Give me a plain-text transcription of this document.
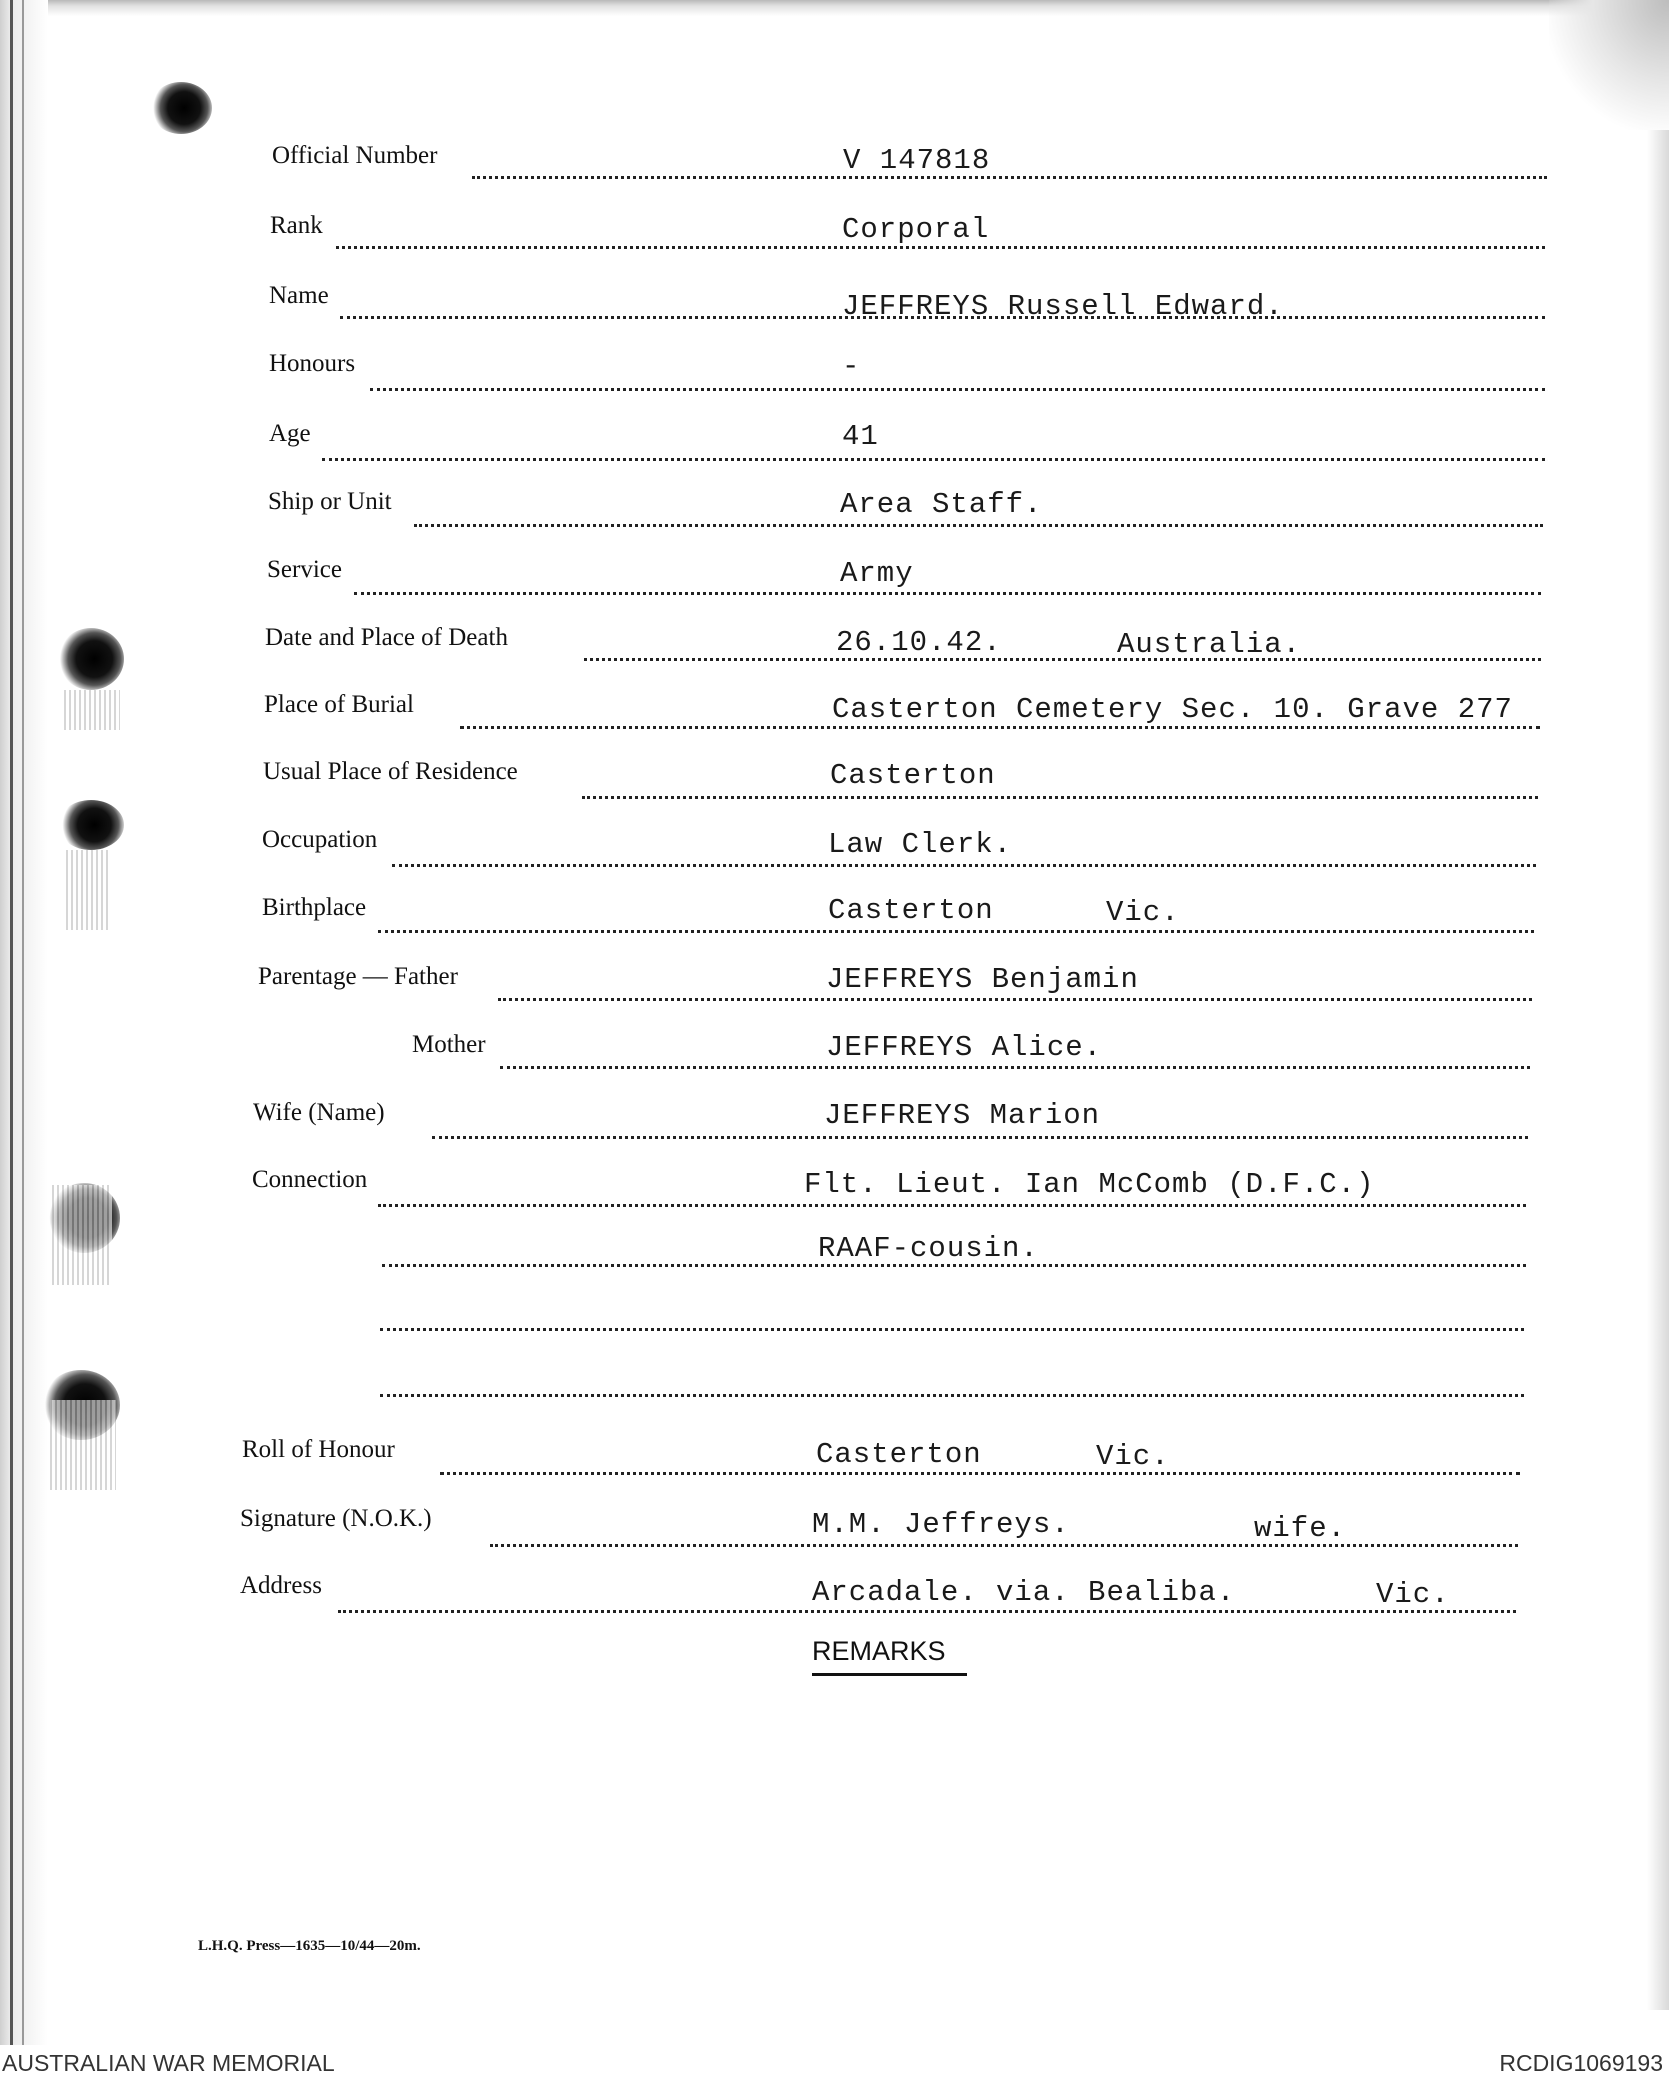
Official Number	V 147818
Rank	Corporal
Name	JEFFREYS Russell Edward.
Honours	-
Age	41
Ship or Unit	Area Staff.
Service	Army
Date and Place of Death	26.10.42.	Australia.
Place of Burial	Casterton Cemetery Sec. 10. Grave 277
Usual Place of Residence	Casterton
Occupation	Law Clerk.
Birthplace	Casterton	Vic.
Parentage — Father	JEFFREYS Benjamin
Mother	JEFFREYS Alice.
Wife (Name)	JEFFREYS Marion
Connection	Flt. Lieut. Ian McComb (D.F.C.)
RAAF-cousin.
Roll of Honour	Casterton	Vic.
Signature (N.O.K.)	M.M. Jeffreys.	wife.
Address	Arcadale. via. Bealiba.	Vic.
REMARKS
L.H.Q. Press—1635—10/44—20m.
AUSTRALIAN WAR MEMORIAL	RCDIG1069193
